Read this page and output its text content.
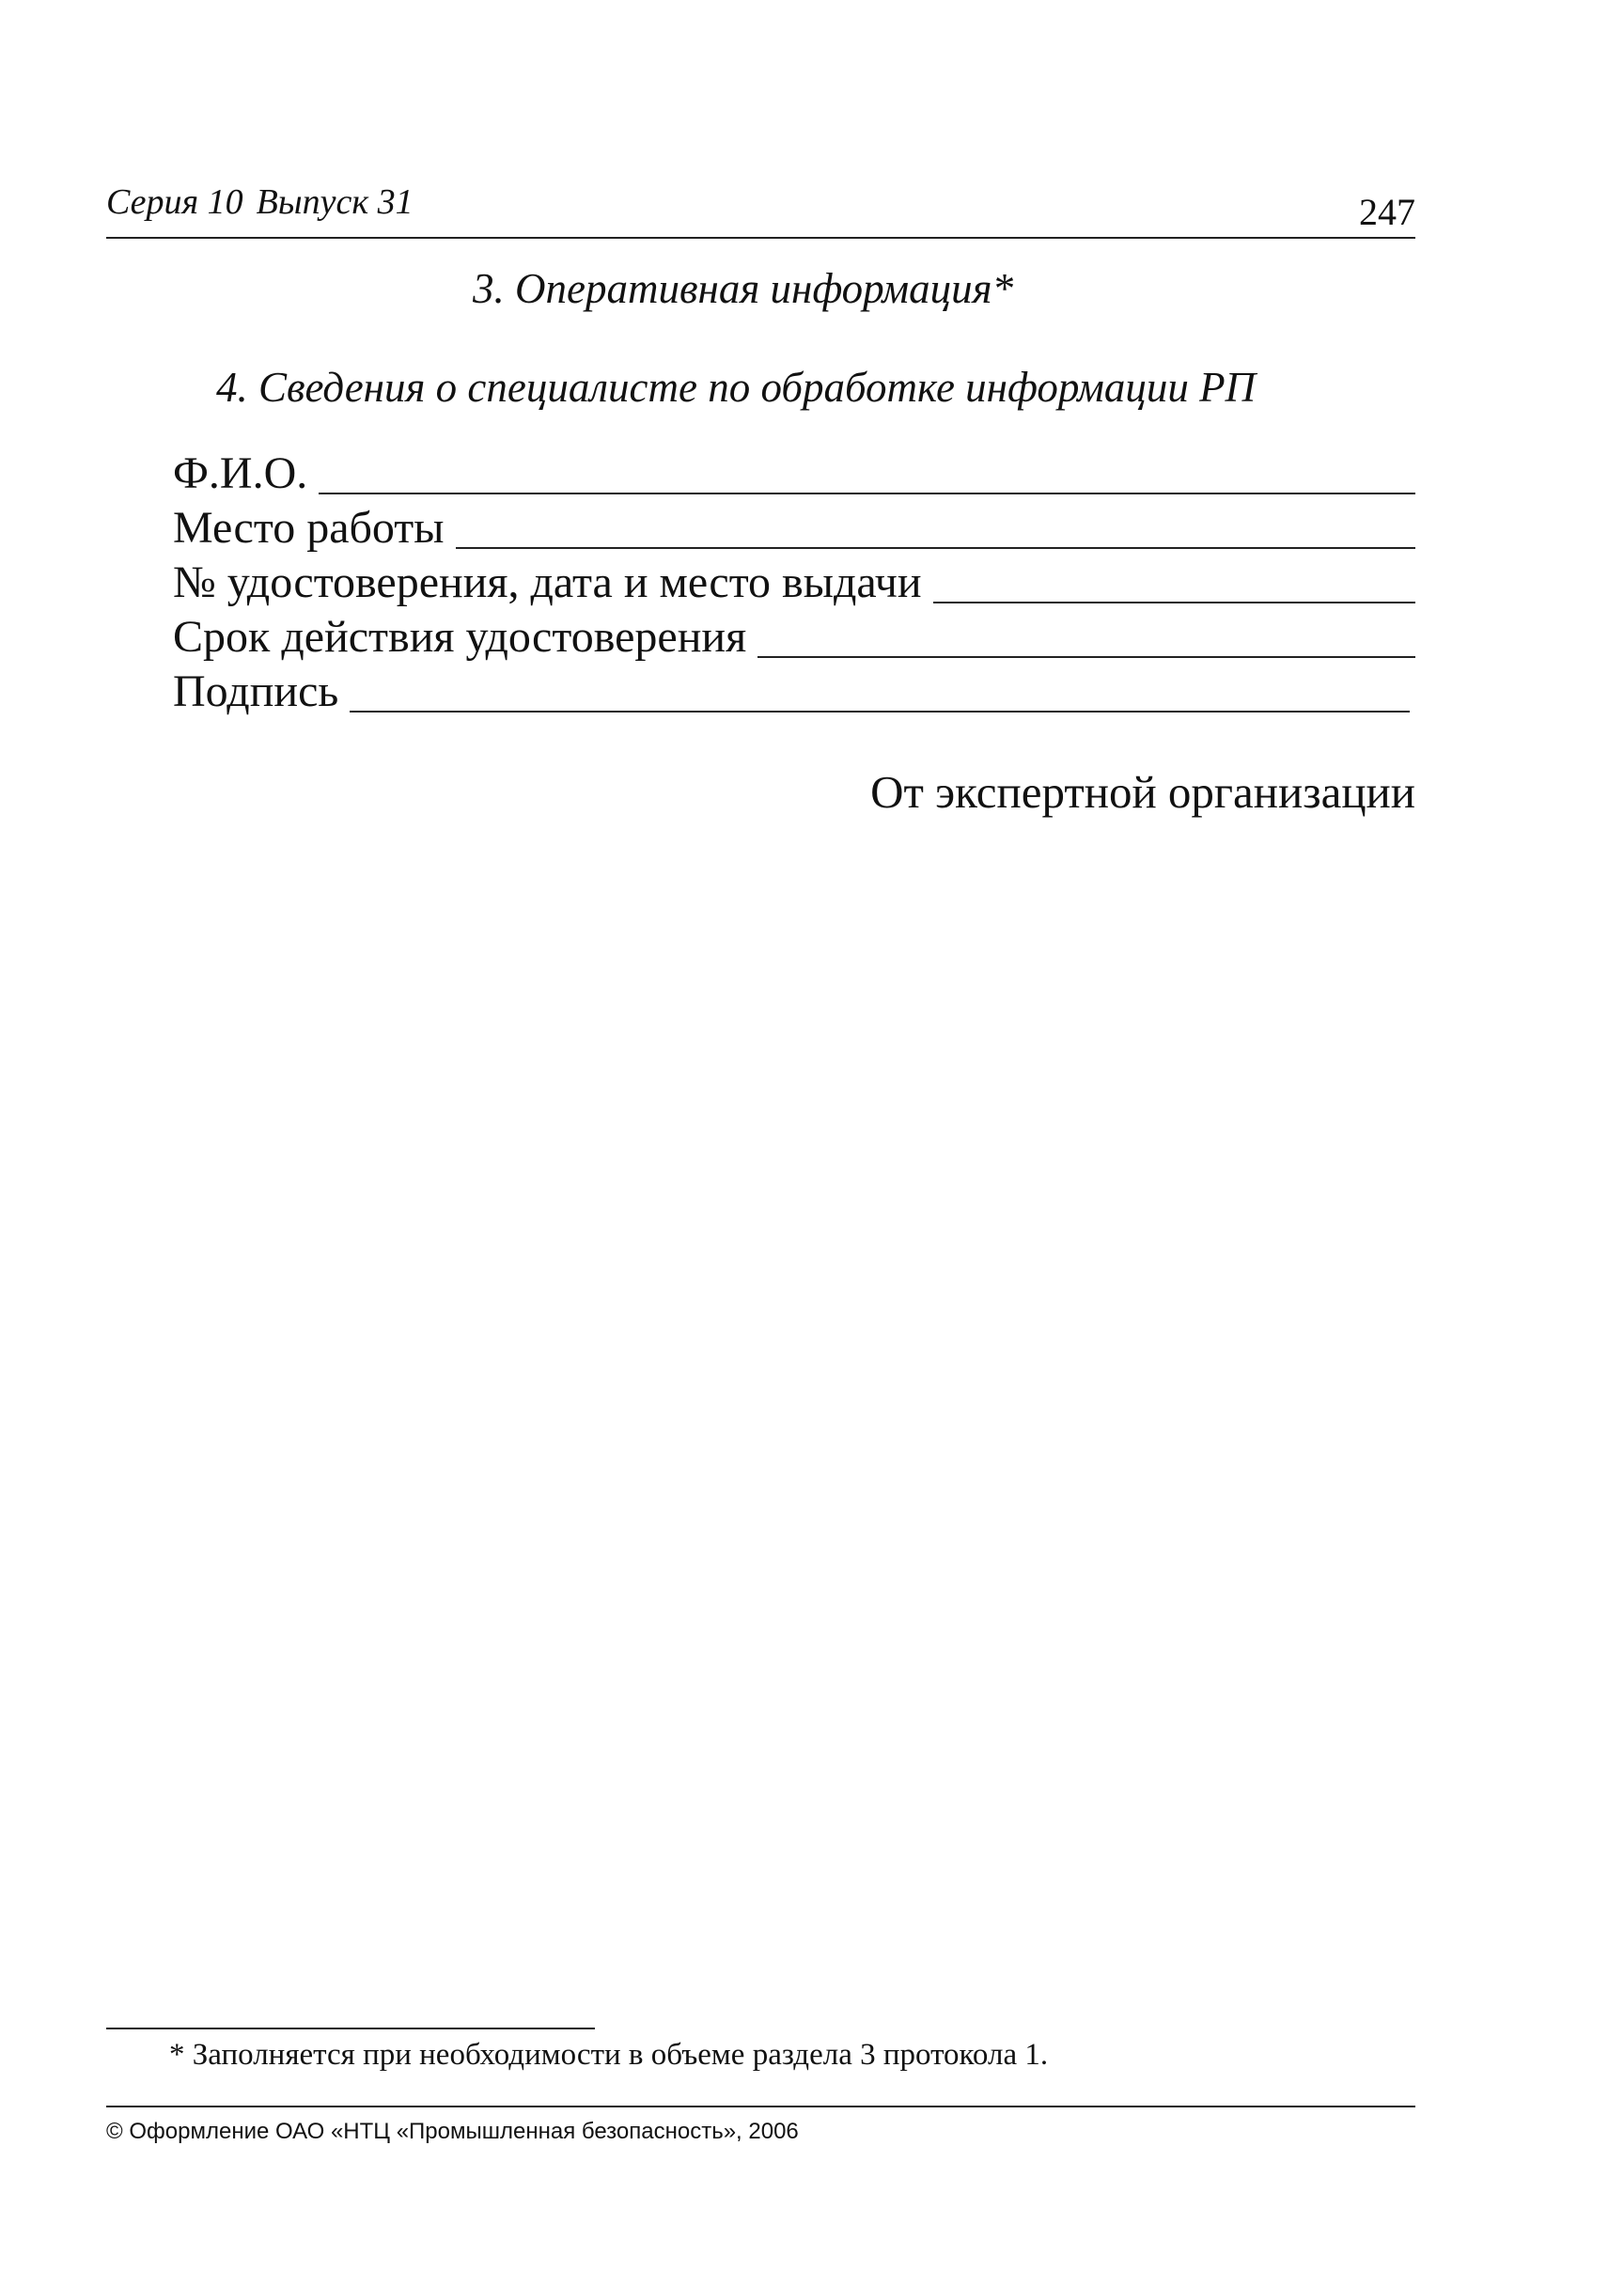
Серия 10 Выпуск 31	247
3. Оперативная информация*
4. Сведения о специалисте по обработке информации РП
Ф.И.О.
Место работы
№ удостоверения, дата и место выдачи
Срок действия удостоверения
Подпись
От экспертной организации
* Заполняется при необходимости в объеме раздела 3 протокола 1.
© Оформление ОАО «НТЦ «Промышленная безопасность», 2006
